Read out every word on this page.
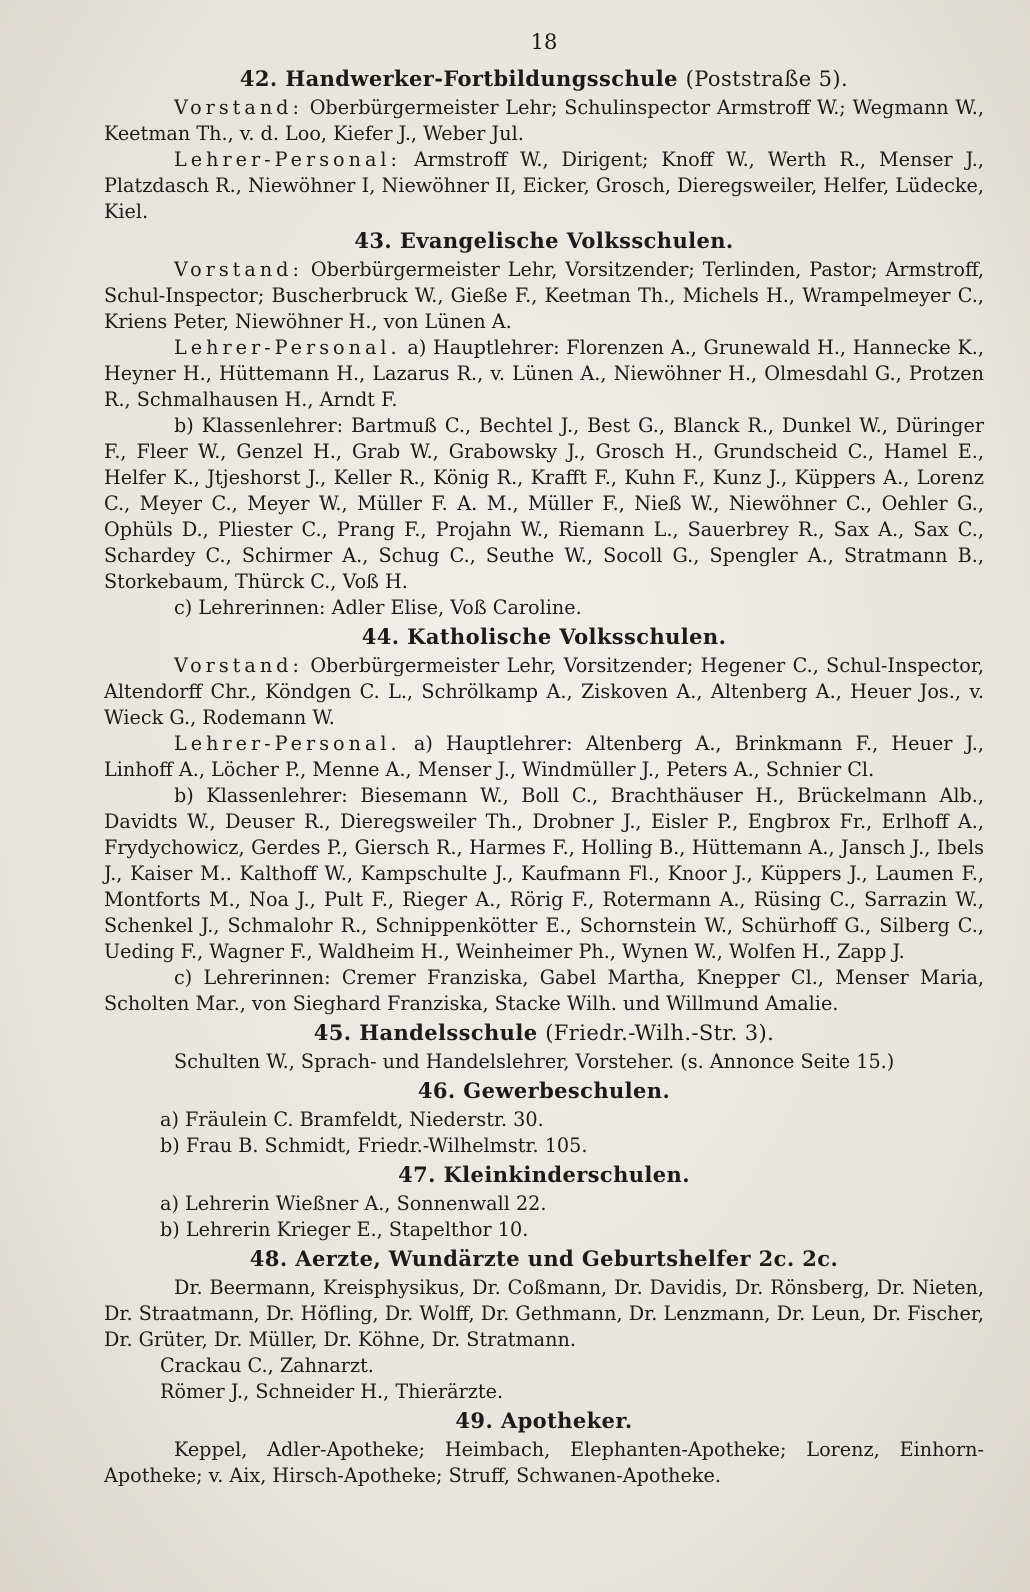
18
42. Handwerker-Fortbildungsschule (Poststraße 5).

Vorstand: Oberbürgermeister Lehr; Schulinspector Armstroff W.; Wegmann W., Keetman Th., v. d. Loo, Kiefer J., Weber Jul.

Lehrer-Personal: Armstroff W., Dirigent; Knoff W., Werth R., Menser J., Platzdasch R., Niewöhner I, Niewöhner II, Eicker, Grosch, Dieregsweiler, Helfer, Lüdecke, Kiel.

43. Evangelische Volksschulen.

Vorstand: Oberbürgermeister Lehr, Vorsitzender; Terlinden, Pastor; Armstroff, Schul-Inspector; Buscherbruck W., Gieße F., Keetman Th., Michels H., Wrampelmeyer C., Kriens Peter, Niewöhner H., von Lünen A.

Lehrer-Personal. a) Hauptlehrer: Florenzen A., Grunewald H., Hannecke K., Heyner H., Hüttemann H., Lazarus R., v. Lünen A., Niewöhner H., Olmesdahl G., Protzen R., Schmalhausen H., Arndt F.

b) Klassenlehrer: Bartmuß C., Bechtel J., Best G., Blanck R., Dunkel W., Düringer F., Fleer W., Genzel H., Grab W., Grabowsky J., Grosch H., Grundscheid C., Hamel E., Helfer K., Jtjeshorst J., Keller R., König R., Krafft F., Kuhn F., Kunz J., Küppers A., Lorenz C., Meyer C., Meyer W., Müller F. A. M., Müller F., Nieß W., Niewöhner C., Oehler G., Ophüls D., Pliester C., Prang F., Projahn W., Riemann L., Sauerbrey R., Sax A., Sax C., Schardey C., Schirmer A., Schug C., Seuthe W., Socoll G., Spengler A., Stratmann B., Storkebaum, Thürck C., Voß H.

c) Lehrerinnen: Adler Elise, Voß Caroline.

44. Katholische Volksschulen.

Vorstand: Oberbürgermeister Lehr, Vorsitzender; Hegener C., Schul-Inspector, Altendorff Chr., Köndgen C. L., Schrölkamp A., Ziskoven A., Altenberg A., Heuer Jos., v. Wieck G., Rodemann W.

Lehrer-Personal. a) Hauptlehrer: Altenberg A., Brinkmann F., Heuer J., Linhoff A., Löcher P., Menne A., Menser J., Windmüller J., Peters A., Schnier Cl.

b) Klassenlehrer: Biesemann W., Boll C., Brachthäuser H., Brückelmann Alb., Davidts W., Deuser R., Dieregsweiler Th., Drobner J., Eisler P., Engbrox Fr., Erlhoff A., Frydychowicz, Gerdes P., Giersch R., Harmes F., Holling B., Hüttemann A., Jansch J., Ibels J., Kaiser M.. Kalthoff W., Kampschulte J., Kaufmann Fl., Knoor J., Küppers J., Laumen F., Montforts M., Noa J., Pult F., Rieger A., Rörig F., Rotermann A., Rüsing C., Sarrazin W., Schenkel J., Schmalohr R., Schnippenkötter E., Schornstein W., Schürhoff G., Silberg C., Ueding F., Wagner F., Waldheim H., Weinheimer Ph., Wynen W., Wolfen H., Zapp J.

c) Lehrerinnen: Cremer Franziska, Gabel Martha, Knepper Cl., Menser Maria, Scholten Mar., von Sieghard Franziska, Stacke Wilh. und Willmund Amalie.

45. Handelsschule (Friedr.-Wilh.-Str. 3).

Schulten W., Sprach- und Handelslehrer, Vorsteher. (s. Annonce Seite 15.)

46. Gewerbeschulen.

a) Fräulein C. Bramfeldt, Niederstr. 30.

b) Frau B. Schmidt, Friedr.-Wilhelmstr. 105.

47. Kleinkinderschulen.

a) Lehrerin Wießner A., Sonnenwall 22.

b) Lehrerin Krieger E., Stapelthor 10.

48. Aerzte, Wundärzte und Geburtshelfer 2c. 2c.

Dr. Beermann, Kreisphysikus, Dr. Coßmann, Dr. Davidis, Dr. Rönsberg, Dr. Nieten, Dr. Straatmann, Dr. Höfling, Dr. Wolff, Dr. Gethmann, Dr. Lenzmann, Dr. Leun, Dr. Fischer, Dr. Grüter, Dr. Müller, Dr. Köhne, Dr. Stratmann.

Crackau C., Zahnarzt.

Römer J., Schneider H., Thierärzte.

49. Apotheker.

Keppel, Adler-Apotheke; Heimbach, Elephanten-Apotheke; Lorenz, Einhorn-Apotheke; v. Aix, Hirsch-Apotheke; Struff, Schwanen-Apotheke.
